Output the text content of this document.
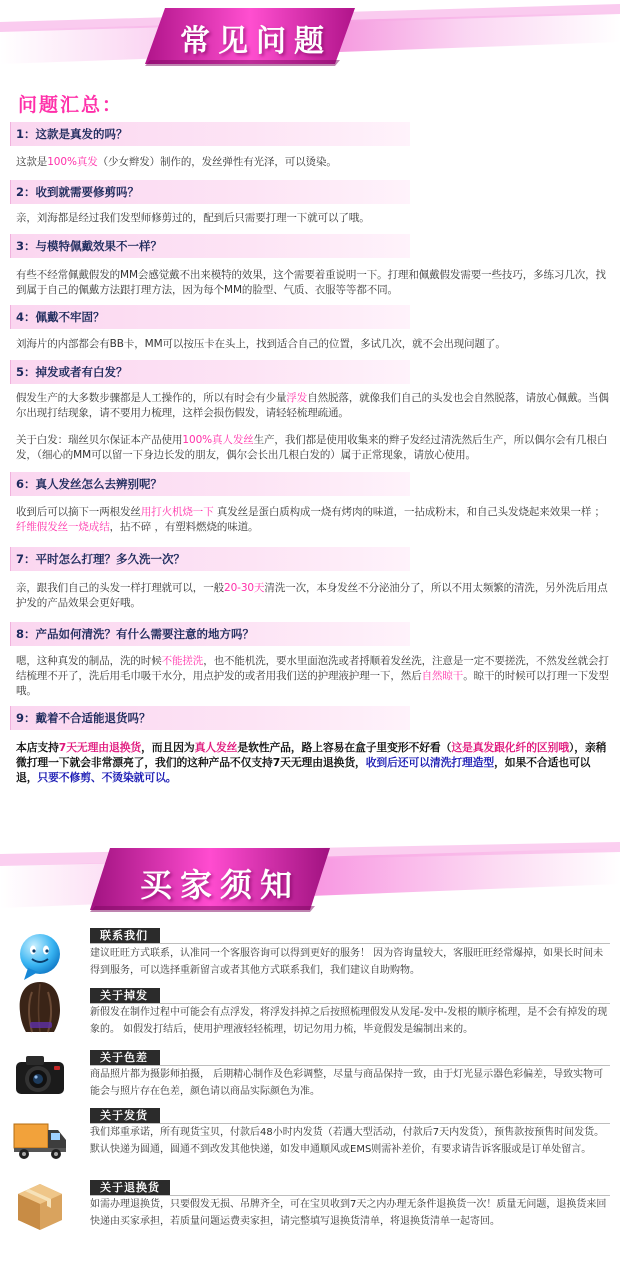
常见问题
问题汇总：
1：这款是真发的吗？
这款是100%真发（少女辫发）制作的，发丝弹性有光泽，可以烫染。
2：收到就需要修剪吗？
亲，刘海都是经过我们发型师修剪过的，配到后只需要打理一下就可以了哦。
3：与模特佩戴效果不一样？
有些不经常佩戴假发的MM会感觉戴不出来模特的效果，这个需要着重说明一下。打理和佩戴假发需要一些技巧，多练习几次，找到属于自己的佩戴方法跟打理方法，因为每个MM的脸型、气质、衣服等等都不同。
4：佩戴不牢固？
刘海片的内部都会有BB卡，MM可以按压卡在头上，找到适合自己的位置，多试几次，就不会出现问题了。
5：掉发或者有白发？
假发生产的大多数步骤都是人工操作的，所以有时会有少量浮发自然脱落，就像我们自己的头发也会自然脱落，请放心佩戴。当偶尔出现打结现象，请不要用力梳理，这样会损伤假发，请轻轻梳理疏通。
关于白发：瑞丝贝尔保证本产品使用100%真人发丝生产，我们都是使用收集来的辫子发经过清洗然后生产，所以偶尔会有几根白发，（细心的MM可以留一下身边长发的朋友，偶尔会长出几根白发的）属于正常现象，请放心使用。
6：真人发丝怎么去辨别呢？
收到后可以摘下一两根发丝用打火机烧一下 真发丝是蛋白质构成一烧有烤肉的味道，一拈成粉末，和自己头发烧起来效果一样 ；纤维假发丝一烧成结，拈不碎 ，有塑料燃烧的味道。
7：平时怎么打理？多久洗一次？
亲，跟我们自己的头发一样打理就可以，一般20-30天清洗一次，本身发丝不分泌油分了，所以不用太频繁的清洗，另外洗后用点护发的产品效果会更好哦。
8：产品如何清洗？有什么需要注意的地方吗？
嗯，这种真发的制品，洗的时候不能搓洗，也不能机洗，要水里面泡洗或者捋顺着发丝洗，注意是一定不要搓洗，不然发丝就会打结梳理不开了，洗后用毛巾吸干水分，用点护发的或者用我们送的护理液护理一下，然后自然晾干。晾干的时候可以打理一下发型哦。
9：戴着不合适能退货吗？
本店支持7天无理由退换货，而且因为真人发丝是软性产品，路上容易在盒子里变形不好看（这是真发跟化纤的区别哦），亲稍微打理一下就会非常漂亮了，我们的这种产品不仅支持7天无理由退换货，收到后还可以清洗打理造型，如果不合适也可以退，只要不修剪、不烫染就可以。
买家须知
联系我们
建议旺旺方式联系，认准同一个客服咨询可以得到更好的服务！ 因为咨询量较大，客服旺旺经常爆掉，如果长时间未得到服务，可以选择重新留言或者其他方式联系我们，我们建议自助购物。
关于掉发
新假发在制作过程中可能会有点浮发，将浮发抖掉之后按照梳理假发从发尾-发中-发根的顺序梳理，是不会有掉发的现象的。 如假发打结后，使用护理液轻轻梳理，切记勿用力梳，毕竟假发是编制出来的。
关于色差
商品照片都为摄影师拍摄， 后期精心制作及色彩调整，尽量与商品保持一致，由于灯光显示器色彩偏差，导致实物可能会与照片存在色差，颜色请以商品实际颜色为准。
关于发货
我们郑重承诺，所有现货宝贝，付款后48小时内发货（若遇大型活动，付款后7天内发货），预售款按预售时间发货。默认快递为圆通，圆通不到改发其他快递，如发申通顺风或EMS则需补差价，有要求请告诉客服或是订单处留言。
关于退换货
如需办理退换货，只要假发无损、吊牌齐全，可在宝贝收到7天之内办理无条件退换货一次！质量无问题，退换货来回快递由买家承担，若质量问题运费卖家担，请完整填写退换货清单，将退换货清单一起寄回。
